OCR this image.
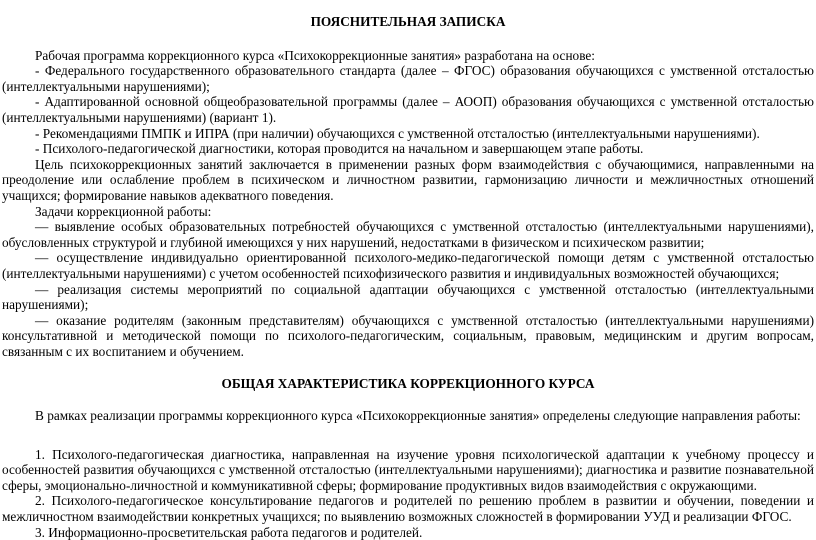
ПОЯСНИТЕЛЬНАЯ ЗАПИСКА

Рабочая программа коррекционного курса «Психокоррекционные занятия» разработана на основе:

- Федерального государственного образовательного стандарта (далее – ФГОС) образования обучающихся с умственной отсталостью (интеллектуальными нарушениями);

- Адаптированной основной общеобразовательной программы (далее – АООП) образования обучающихся с умственной отсталостью (интеллектуальными нарушениями) (вариант 1).

- Рекомендациями ПМПК и ИПРА (при наличии) обучающихся с умственной отсталостью (интеллектуальными нарушениями).

- Психолого-педагогической диагностики, которая проводится на начальном и завершающем этапе работы.

Цель психокоррекционных занятий заключается в применении разных форм взаимодействия с обучающимися, направленными на преодоление или ослабление проблем в психическом и личностном развитии, гармонизацию личности и межличностных отношений учащихся; формирование навыков адекватного поведения.

Задачи коррекционной работы:

— выявление особых образовательных потребностей обучающихся с умственной отсталостью (интеллектуальными нарушениями), обусловленных структурой и глубиной имеющихся у них нарушений, недостатками в физическом и психическом развитии;

— осуществление индивидуально ориентированной психолого-медико-педагогической помощи детям с умственной отсталостью (интеллектуальными нарушениями) с учетом особенностей психофизического развития и индивидуальных возможностей обучающихся;

— реализация системы мероприятий по социальной адаптации обучающихся с умственной отсталостью (интеллектуальными нарушениями);

— оказание родителям (законным представителям) обучающихся с умственной отсталостью (интеллектуальными нарушениями) консультативной и методической помощи по психолого-педагогическим, социальным, правовым, медицинским и другим вопросам, связанным с их воспитанием и обучением.

ОБЩАЯ ХАРАКТЕРИСТИКА КОРРЕКЦИОННОГО КУРСА

В рамках реализации программы коррекционного курса «Психокоррекционные занятия» определены следующие направления работы:

1. Психолого-педагогическая диагностика, направленная на изучение уровня психологической адаптации к учебному процессу и особенностей развития обучающихся с умственной отсталостью (интеллектуальными нарушениями); диагностика и развитие познавательной сферы, эмоционально-личностной и коммуникативной сферы; формирование продуктивных видов взаимодействия с окружающими.

2. Психолого-педагогическое консультирование педагогов и родителей по решению проблем в развитии и обучении, поведении и межличностном взаимодействии конкретных учащихся; по выявлению возможных сложностей в формировании УУД и реализации ФГОС.

3. Информационно-просветительская работа педагогов и родителей.
